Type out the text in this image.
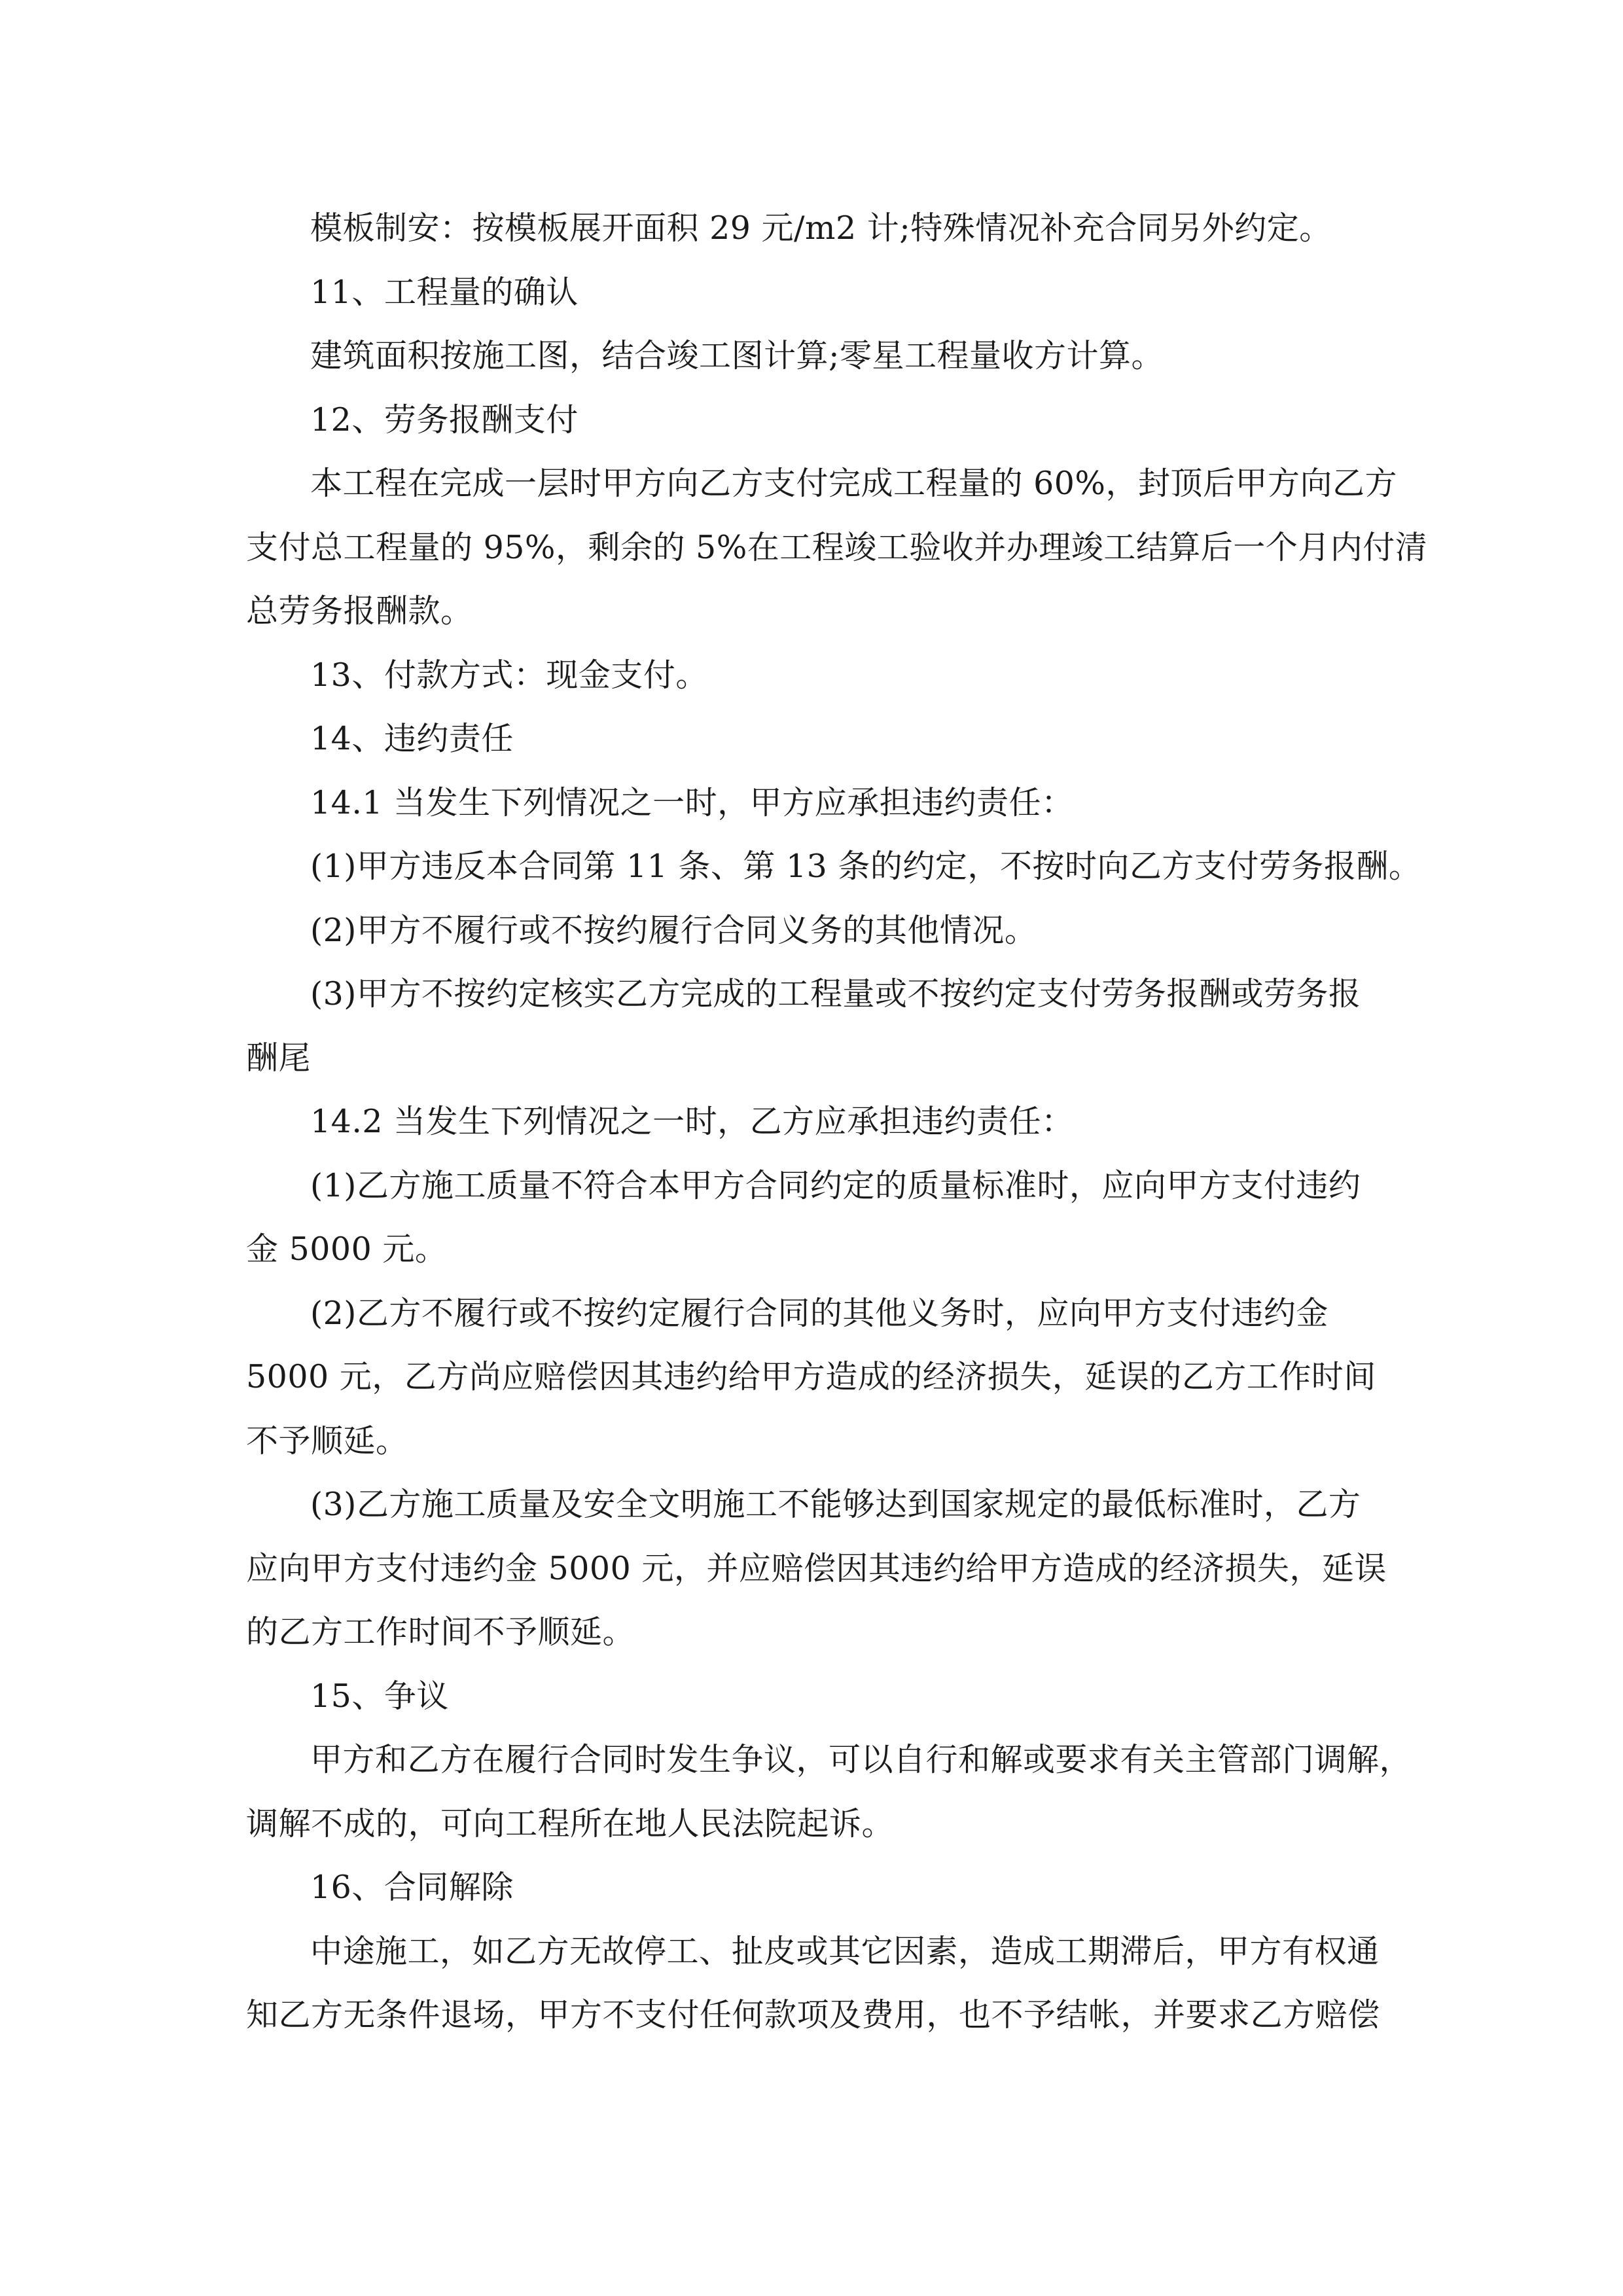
模板制安：按模板展开面积 29 元/m2 计;特殊情况补充合同另外约定。

11、工程量的确认

建筑面积按施工图，结合竣工图计算;零星工程量收方计算。

12、劳务报酬支付

本工程在完成一层时甲方向乙方支付完成工程量的 60%，封顶后甲方向乙方

支付总工程量的 95%，剩余的 5%在工程竣工验收并办理竣工结算后一个月内付清

总劳务报酬款。

13、付款方式：现金支付。

14、违约责任

14.1 当发生下列情况之一时，甲方应承担违约责任：

(1)甲方违反本合同第 11 条、第 13 条的约定，不按时向乙方支付劳务报酬。

(2)甲方不履行或不按约履行合同义务的其他情况。

(3)甲方不按约定核实乙方完成的工程量或不按约定支付劳务报酬或劳务报

酬尾

14.2 当发生下列情况之一时，乙方应承担违约责任：

(1)乙方施工质量不符合本甲方合同约定的质量标准时，应向甲方支付违约

金 5000 元。

(2)乙方不履行或不按约定履行合同的其他义务时，应向甲方支付违约金

5000 元，乙方尚应赔偿因其违约给甲方造成的经济损失，延误的乙方工作时间

不予顺延。

(3)乙方施工质量及安全文明施工不能够达到国家规定的最低标准时，乙方

应向甲方支付违约金 5000 元，并应赔偿因其违约给甲方造成的经济损失，延误

的乙方工作时间不予顺延。

15、争议

甲方和乙方在履行合同时发生争议，可以自行和解或要求有关主管部门调解，

调解不成的，可向工程所在地人民法院起诉。

16、合同解除

中途施工，如乙方无故停工、扯皮或其它因素，造成工期滞后，甲方有权通

知乙方无条件退场，甲方不支付任何款项及费用，也不予结帐，并要求乙方赔偿
